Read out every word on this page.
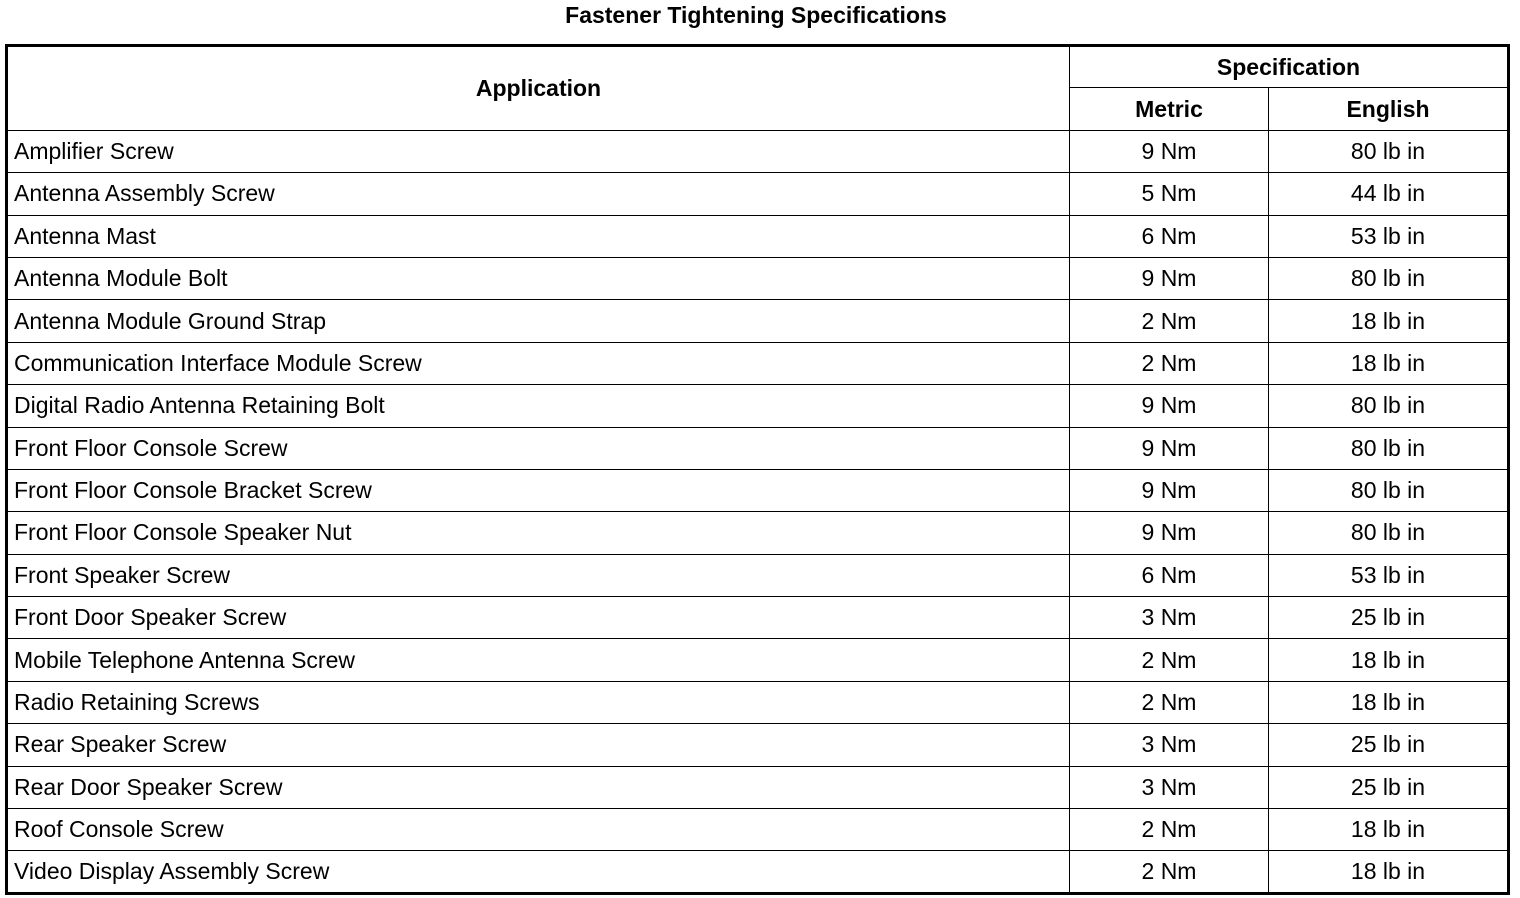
Fastener Tightening Specifications
Application	Specification	
	Metric	English
Amplifier Screw	9 Nm	80 lb in
Antenna Assembly Screw	5 Nm	44 lb in
Antenna Mast	6 Nm	53 lb in
Antenna Module Bolt	9 Nm	80 lb in
Antenna Module Ground Strap	2 Nm	18 lb in
Communication Interface Module Screw	2 Nm	18 lb in
Digital Radio Antenna Retaining Bolt	9 Nm	80 lb in
Front Floor Console Screw	9 Nm	80 lb in
Front Floor Console Bracket Screw	9 Nm	80 lb in
Front Floor Console Speaker Nut	9 Nm	80 lb in
Front Speaker Screw	6 Nm	53 lb in
Front Door Speaker Screw	3 Nm	25 lb in
Mobile Telephone Antenna Screw	2 Nm	18 lb in
Radio Retaining Screws	2 Nm	18 lb in
Rear Speaker Screw	3 Nm	25 lb in
Rear Door Speaker Screw	3 Nm	25 lb in
Roof Console Screw	2 Nm	18 lb in
Video Display Assembly Screw	2 Nm	18 lb in
